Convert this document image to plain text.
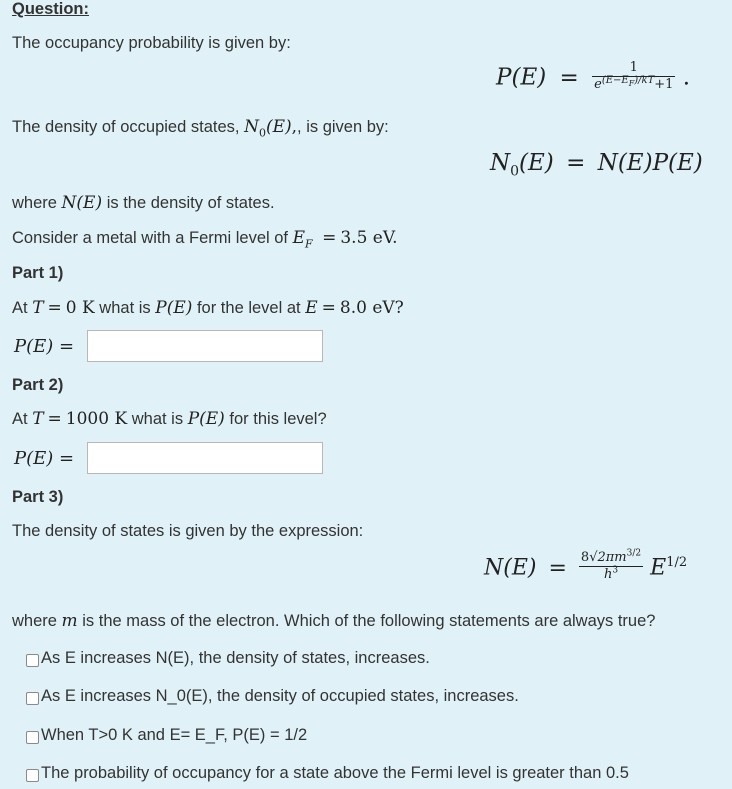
Question:
The occupancy probability is given by:
$P(E) = \frac{1}{e^{(E-E_F)/kT}+1}$ .
The density of occupied states, $N_0(E)$,, is given by:
$N_0(E) = N(E)P(E)$
where N(E) is the density of states.
Consider a metal with a Fermi level of $E_F = 3.5$ eV.
Part 1)
At T = 0 K what is P(E) for the level at E = 8.0 eV?
P(E) =
Part 2)
At T = 1000 K what is P(E) for this level?
P(E) =
Part 3)
The density of states is given by the expression:
$N(E) = \frac{8√2\pi m^{3/2}}{h^3} E^{1/2}$
where m is the mass of the electron. Which of the following statements are always true?
As E increases N(E), the density of states, increases.
As E increases N_0(E), the density of occupied states, increases.
When T>0 K and E= E_F, P(E) = 1/2
The probability of occupancy for a state above the Fermi level is greater than 0.5
